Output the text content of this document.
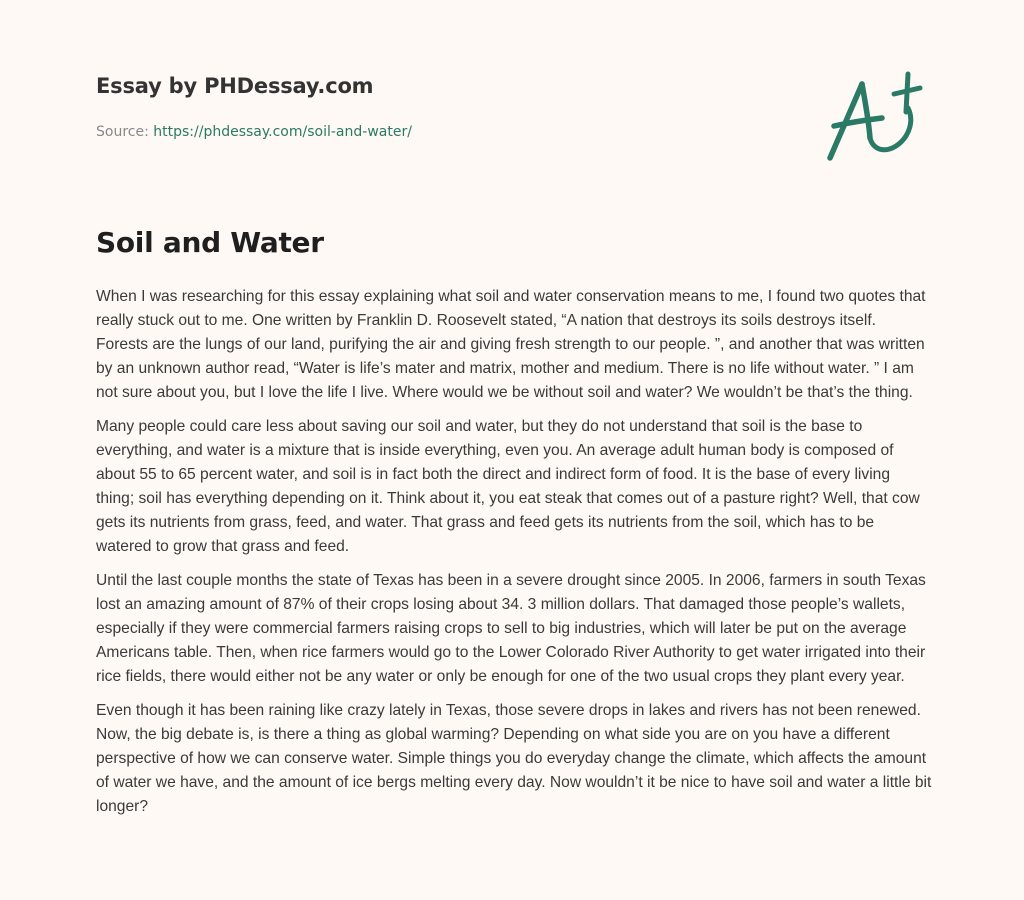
Essay by PHDessay.com
Source: https://phdessay.com/soil-and-water/
Soil and Water

When I was researching for this essay explaining what soil and water conservation means to me, I found two quotes that really stuck out to me. One written by Franklin D. Roosevelt stated, “A nation that destroys its soils destroys itself. Forests are the lungs of our land, purifying the air and giving fresh strength to our people. ”, and another that was written by an unknown author read, “Water is life’s mater and matrix, mother and medium. There is no life without water. ” I am not sure about you, but I love the life I live. Where would we be without soil and water? We wouldn’t be that’s the thing.

Many people could care less about saving our soil and water, but they do not understand that soil is the base to everything, and water is a mixture that is inside everything, even you. An average adult human body is composed of about 55 to 65 percent water, and soil is in fact both the direct and indirect form of food. It is the base of every living thing; soil has everything depending on it. Think about it, you eat steak that comes out of a pasture right? Well, that cow gets its nutrients from grass, feed, and water. That grass and feed gets its nutrients from the soil, which has to be watered to grow that grass and feed.

Until the last couple months the state of Texas has been in a severe drought since 2005. In 2006, farmers in south Texas lost an amazing amount of 87% of their crops losing about 34. 3 million dollars. That damaged those people’s wallets, especially if they were commercial farmers raising crops to sell to big industries, which will later be put on the average Americans table. Then, when rice farmers would go to the Lower Colorado River Authority to get water irrigated into their rice fields, there would either not be any water or only be enough for one of the two usual crops they plant every year.

Even though it has been raining like crazy lately in Texas, those severe drops in lakes and rivers has not been renewed. Now, the big debate is, is there a thing as global warming? Depending on what side you are on you have a different perspective of how we can conserve water. Simple things you do everyday change the climate, which affects the amount of water we have, and the amount of ice bergs melting every day. Now wouldn’t it be nice to have soil and water a little bit longer?
